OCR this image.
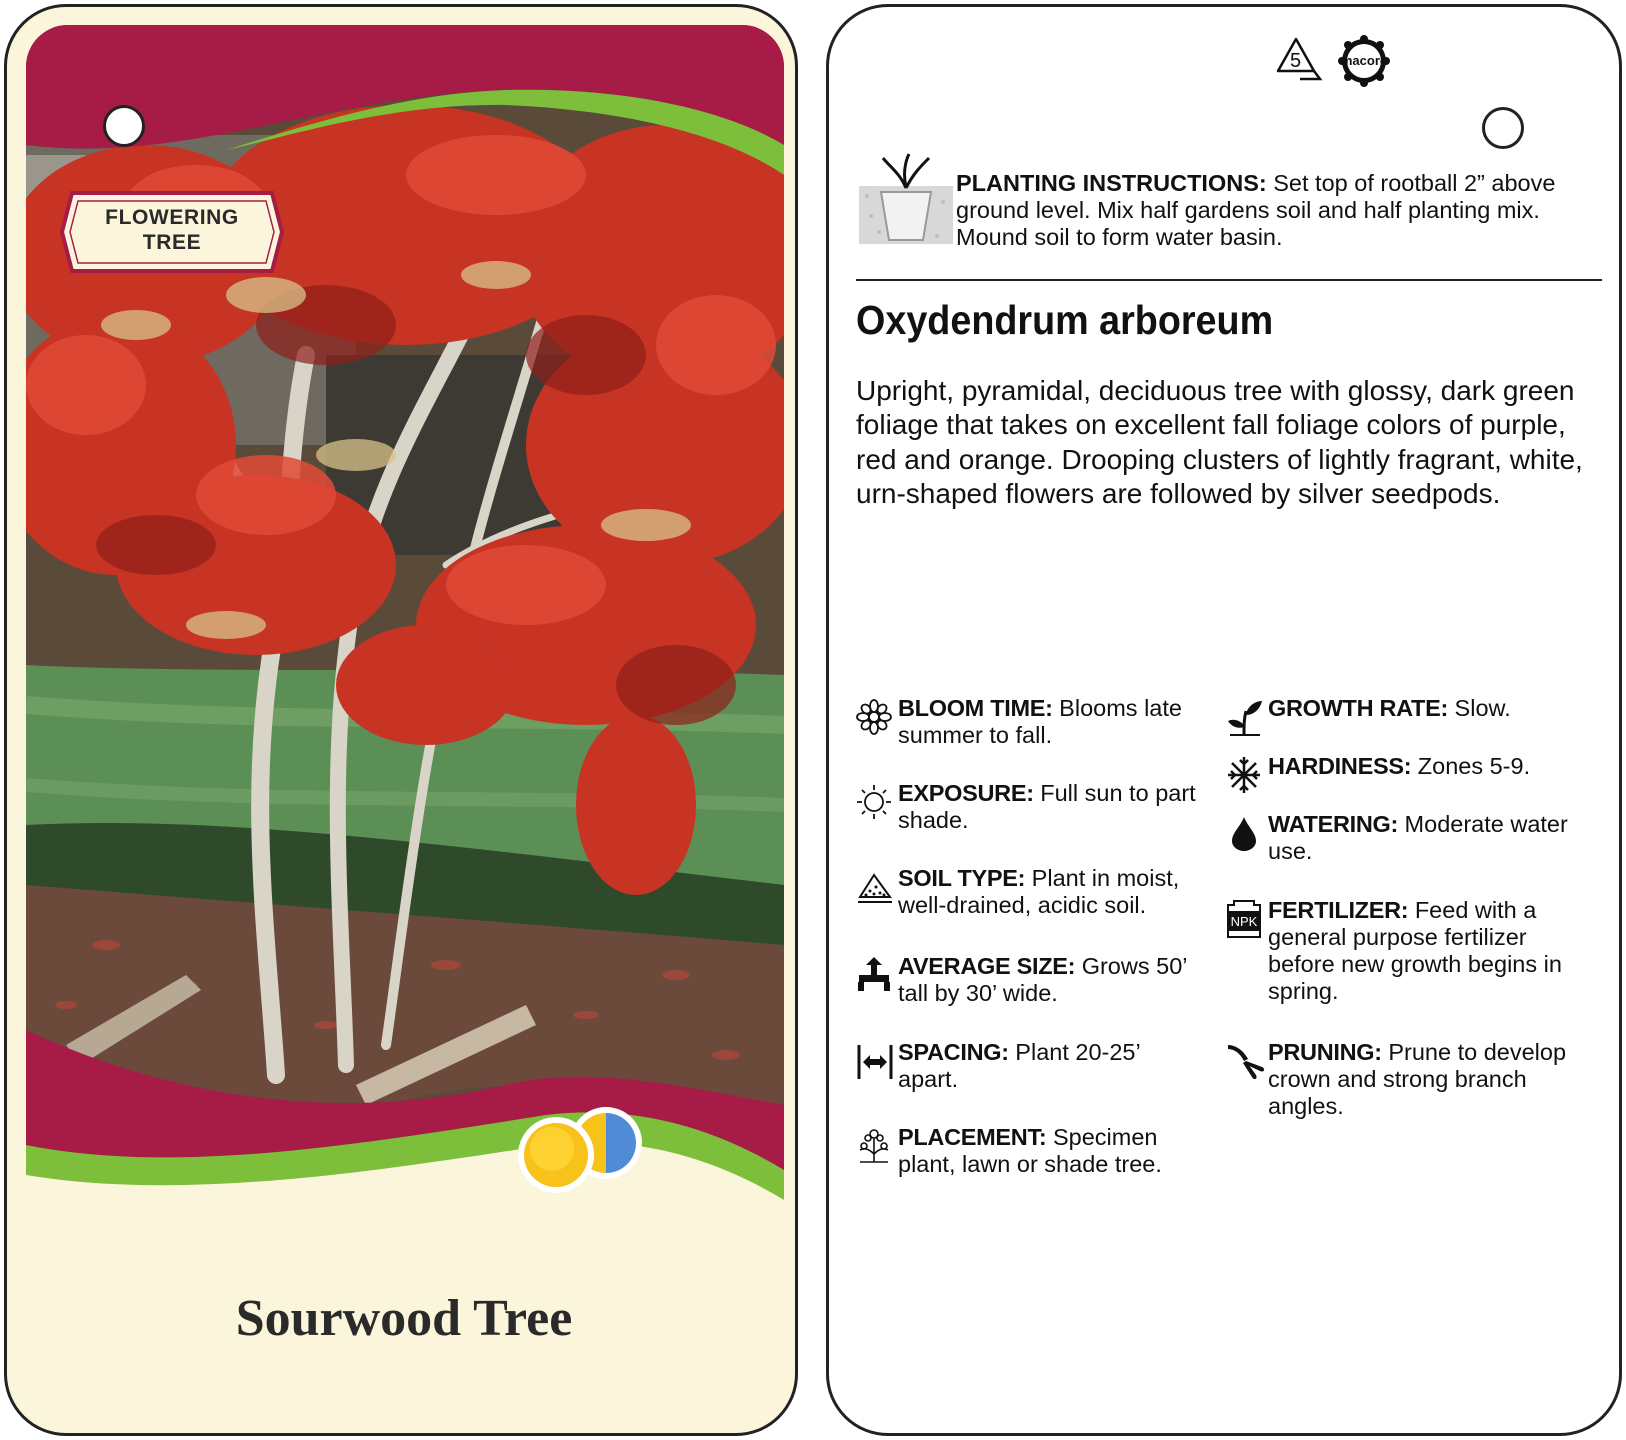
FLOWERING
TREE
Sourwood Tree
5	macore
PLANTING INSTRUCTIONS: Set top of rootball 2” above ground level. Mix half gardens soil and half planting mix. Mound soil to form water basin.
Oxydendrum arboreum
Upright, pyramidal, deciduous tree with glossy, dark green foliage that takes on excellent fall foliage colors of purple, red and orange. Drooping clusters of lightly fragrant, white, urn-shaped flowers are followed by silver seedpods.
BLOOM TIME: Blooms late summer to fall.
EXPOSURE: Full sun to part shade.
SOIL TYPE: Plant in moist, well-drained, acidic soil.
AVERAGE SIZE: Grows 50’ tall by 30’ wide.
SPACING: Plant 20-25’ apart.
PLACEMENT: Specimen plant, lawn or shade tree.
GROWTH RATE: Slow.
HARDINESS: Zones 5-9.
WATERING: Moderate water use.
NPK FERTILIZER: Feed with a general purpose fertilizer before new growth begins in spring.
PRUNING: Prune to develop crown and strong branch angles.
